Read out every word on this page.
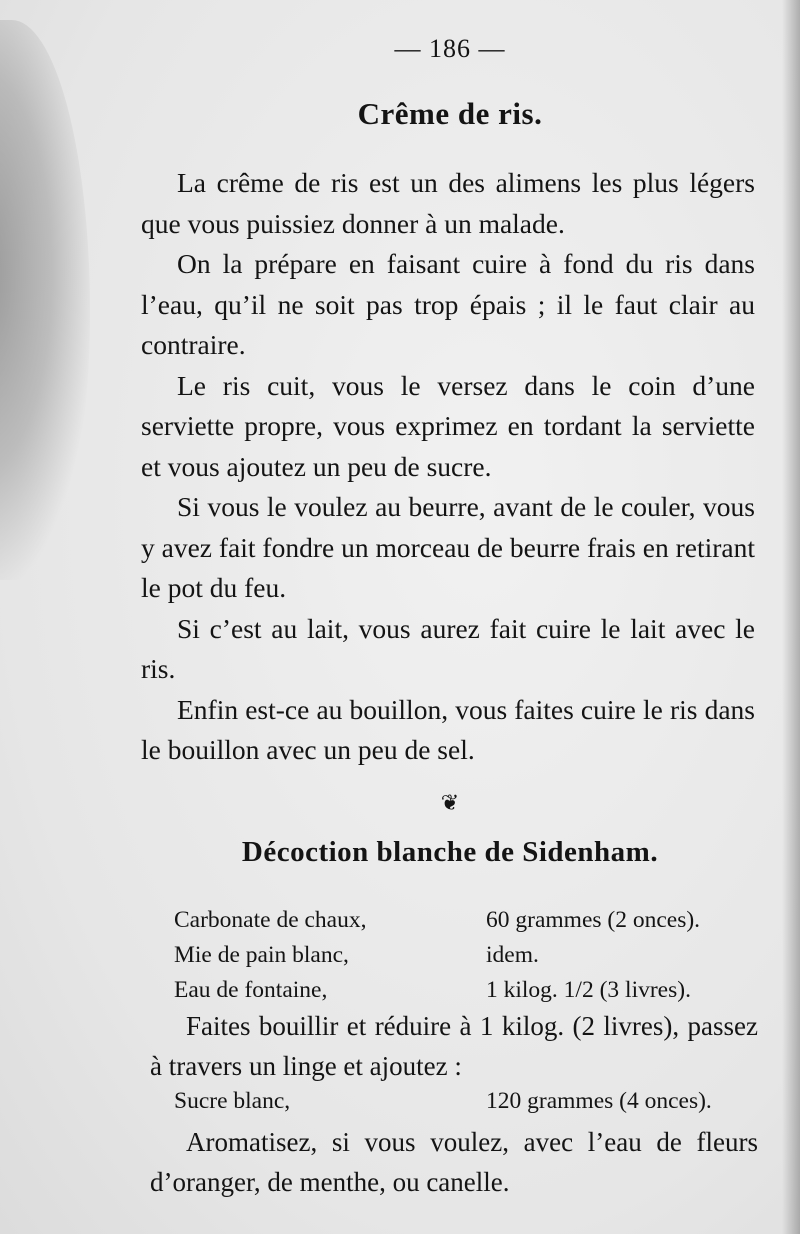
— 186 —
Crême de ris.

La crême de ris est un des alimens les plus légers que vous puissiez donner à un malade.

On la prépare en faisant cuire à fond du ris dans l’eau, qu’il ne soit pas trop épais ; il le faut clair au contraire.

Le ris cuit, vous le versez dans le coin d’une serviette propre, vous exprimez en tordant la serviette et vous ajoutez un peu de sucre.

Si vous le voulez au beurre, avant de le couler, vous y avez fait fondre un morceau de beurre frais en retirant le pot du feu.

Si c’est au lait, vous aurez fait cuire le lait avec le ris.

Enfin est-ce au bouillon, vous faites cuire le ris dans le bouillon avec un peu de sel.

❦
Décoction blanche de Sidenham.
Carbonate de chaux,	60 grammes (2 onces).
Mie de pain blanc,	idem.
Eau de fontaine,	1 kilog. 1/2 (3 livres).

Faites bouillir et réduire à 1 kilog. (2 livres), passez à travers un linge et ajoutez :

Sucre blanc,	120 grammes (4 onces).

Aromatisez, si vous voulez, avec l’eau de fleurs d’oranger, de menthe, ou canelle.
